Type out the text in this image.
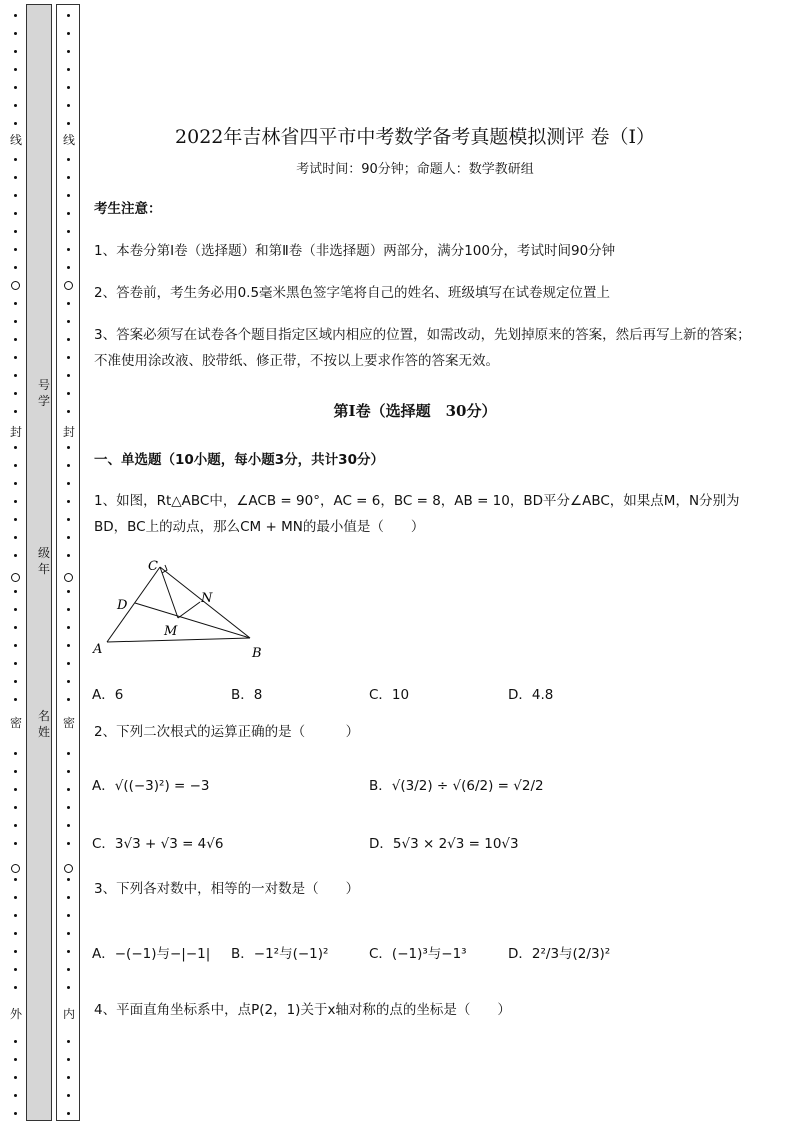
线
封
密
外
线
封
密
内
号学
级年
名姓
2022年吉林省四平市中考数学备考真题模拟测评 卷（Ⅰ）
考试时间：90分钟；命题人：数学教研组
考生注意：
1、本卷分第Ⅰ卷（选择题）和第Ⅱ卷（非选择题）两部分，满分100分，考试时间90分钟
2、答卷前，考生务必用0.5毫米黑色签字笔将自己的姓名、班级填写在试卷规定位置上
3、答案必须写在试卷各个题目指定区域内相应的位置，如需改动，先划掉原来的答案，然后再写上新的答案；不准使用涂改液、胶带纸、修正带，不按以上要求作答的答案无效。
第Ⅰ卷（选择题　30分）
一、单选题（10小题，每小题3分，共计30分）
1、如图，Rt△ABC中，∠ACB = 90°，AC = 6，BC = 8，AB = 10，BD平分∠ABC，如果点M，N分别为BD，BC上的动点，那么CM + MN的最小值是（　　）
C
D	N
M
A	B
A．6	B．8	C．10	D．4.8
2、下列二次根式的运算正确的是（　　　）
A．√((−3)²) = −3	B．√(3/2) ÷ √(6/2) = √2/2
C．3√3 + √3 = 4√6	D．5√3 × 2√3 = 10√3
3、下列各对数中，相等的一对数是（　　）
A．−(−1)与−|−1| B．−1²与(−1)²	C．(−1)³与−1³	D．2²/3与(2/3)²
4、平面直角坐标系中，点P(2，1)关于x轴对称的点的坐标是（　　）
